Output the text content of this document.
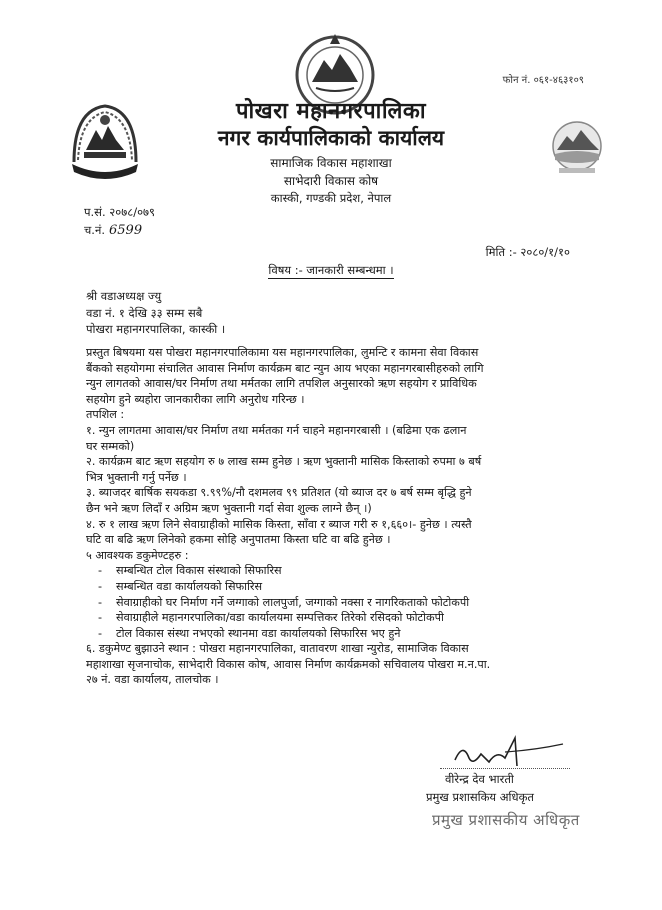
फोन नं. ०६१-४६३१०९
पोखरा महानगरपालिका
नगर कार्यपालिकाको कार्यालय
सामाजिक विकास महाशाखा
साभेदारी विकास कोष
कास्की, गण्डकी प्रदेश, नेपाल
प.सं. २०७८/०७९
च.नं. 6599
मिति :- २०८०/१/१०
विषय :- जानकारी सम्बन्धमा ।
श्री वडाअध्यक्ष ज्यु
वडा नं. १ देखि ३३ सम्म सबै
पोखरा महानगरपालिका, कास्की ।

प्रस्तुत बिषयमा यस पोखरा महानगरपालिकामा यस महानगरपालिका, लुमन्टि र कामना सेवा विकास

बैंकको सहयोगमा संचालित आवास निर्माण कार्यक्रम बाट न्युन आय भएका महानगरबासीहरुको लागि

न्युन लागतको आवास/घर निर्माण तथा मर्मतका लागि तपशिल अनुसारको ऋण सहयोग र प्राविधिक

सहयोग हुने ब्यहोरा जानकारीका लागि अनुरोध गरिन्छ ।

तपशिल :

१. न्युन लागतमा आवास/घर निर्माण तथा मर्मतका गर्न चाहने महानगरबासी । (बढिमा एक ढलान

घर सम्मको)

२. कार्यक्रम बाट ऋण सहयोग रु ७ लाख सम्म हुनेछ । ऋण भुक्तानी मासिक किस्ताको रुपमा ७ बर्ष

भित्र भुक्तानी गर्नु पर्नेछ ।

३. ब्याजदर बार्षिक सयकडा ९.९९%/नौ दशमलव ९९ प्रतिशत (यो ब्याज दर ७ बर्ष सम्म बृद्धि हुने

छैन भने ऋण लिदाँ र अग्रिम ऋण भुक्तानी गर्दा सेवा शुल्क लाग्ने छैन् ।)

४. रु १ लाख ऋण लिने सेवाग्राहीको मासिक किस्ता, साँवा र ब्याज गरी रु १,६६०।- हुनेछ । त्यस्तै

घटि वा बढि ऋण लिनेको हकमा सोहि अनुपातमा किस्ता घटि वा बढि हुनेछ ।

५ आवश्यक डकुमेण्टहरु :

- सम्बन्धित टोल विकास संस्थाको सिफारिस
- सम्बन्धित वडा कार्यालयको सिफारिस
- सेवाग्राहीको घर निर्माण गर्ने जग्गाको लालपुर्जा, जग्गाको नक्सा र नागरिकताको फोटोकपी
- सेवाग्राहीले महानगरपालिका/वडा कार्यालयमा सम्पत्तिकर तिरेको रसिदको फोटोकपी
- टोल विकास संस्था नभएको स्थानमा वडा कार्यालयको सिफारिस भए हुने

६. डकुमेण्ट बुझाउने स्थान : पोखरा महानगरपालिका, वातावरण शाखा न्युरोड, सामाजिक विकास

महाशाखा सृजनाचोक, साभेदारी विकास कोष, आवास निर्माण कार्यक्रमको सचिवालय पोखरा म.न.पा.

२७ नं. वडा कार्यालय, तालचोक ।

वीरेन्द्र देव भारती
प्रमुख प्रशासकिय अधिकृत
प्रमुख प्रशासकीय अधिकृत
